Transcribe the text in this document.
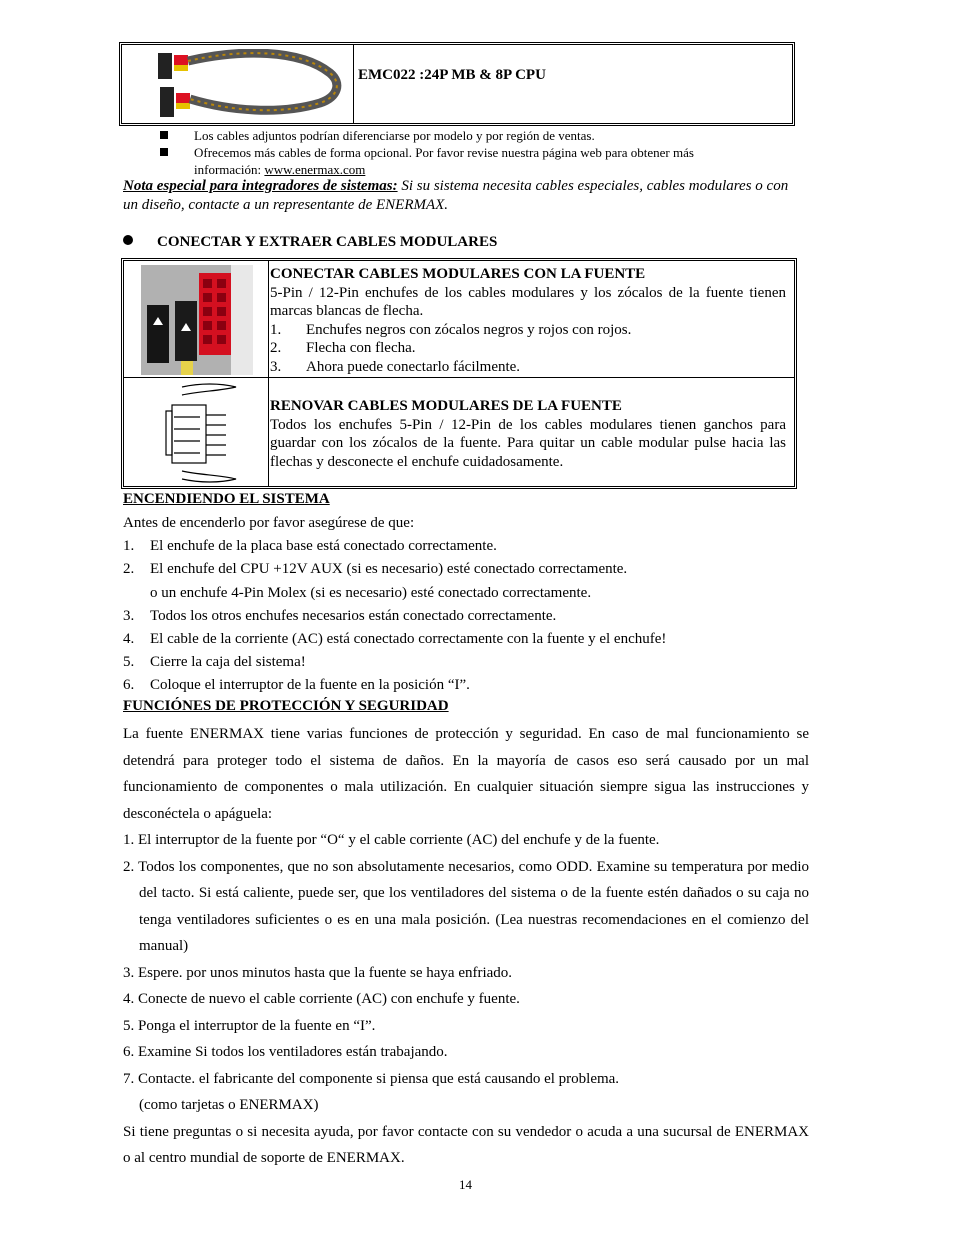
EMC022 :24P MB & 8P CPU
Los cables adjuntos podrían diferenciarse por modelo y por región de ventas.
Ofrecemos más cables de forma opcional. Por favor revise nuestra página web para obtener más
información: www.enermax.com
Nota especial para integradores de sistemas: Si su sistema necesita cables especiales, cables modulares o con un diseño, contacte a un representante de ENERMAX.
CONECTAR Y EXTRAER CABLES MODULARES
CONECTAR CABLES MODULARES CON LA FUENTE
5-Pin / 12-Pin enchufes de los cables modulares y los zócalos de la fuente tienen marcas blancas de flecha.
1. Enchufes negros con zócalos negros y rojos con rojos.
2. Flecha con flecha.
3. Ahora puede conectarlo fácilmente.
RENOVAR CABLES MODULARES DE LA FUENTE
Todos los enchufes 5-Pin / 12-Pin de los cables modulares tienen ganchos para guardar con los zócalos de la fuente. Para quitar un cable modular pulse hacia las flechas y desconecte el enchufe cuidadosamente.
ENCENDIENDO EL SISTEMA
Antes de encenderlo por favor asegúrese de que:
1. El enchufe de la placa base está conectado correctamente.
2. El enchufe del CPU +12V AUX (si es necesario) esté conectado correctamente.
o un enchufe 4-Pin Molex (si es necesario) esté conectado correctamente.
3. Todos los otros enchufes necesarios están conectado correctamente.
4. El cable de la corriente (AC) está conectado correctamente con la fuente y el enchufe!
5. Cierre la caja del sistema!
6. Coloque el interruptor de la fuente en la posición “I”.
FUNCIÓNES DE PROTECCIÓN Y SEGURIDAD
La fuente ENERMAX tiene varias funciones de protección y seguridad. En caso de mal funcionamiento se detendrá para proteger todo el sistema de daños. En la mayoría de casos eso será causado por un mal funcionamiento de componentes o mala utilización. En cualquier situación siempre sigua las instrucciones y desconéctela o apáguela:
1. El interruptor de la fuente por “O“ y el cable corriente (AC) del enchufe y de la fuente.
2. Todos los componentes, que no son absolutamente necesarios, como ODD. Examine su temperatura por medio del tacto. Si está caliente, puede ser, que los ventiladores del sistema o de la fuente estén dañados o su caja no tenga ventiladores suficientes o es en una mala posición. (Lea nuestras recomendaciones en el comienzo del manual)
3. Espere. por unos minutos hasta que la fuente se haya enfriado.
4. Conecte de nuevo el cable corriente (AC) con enchufe y fuente.
5. Ponga el interruptor de la fuente en “I”.
6. Examine Si todos los ventiladores están trabajando.
7. Contacte. el fabricante del componente si piensa que está causando el problema.
(como tarjetas o ENERMAX)
Si tiene preguntas o si necesita ayuda, por favor contacte con su vendedor o acuda a una sucursal de ENERMAX o al centro mundial de soporte de ENERMAX.
14
